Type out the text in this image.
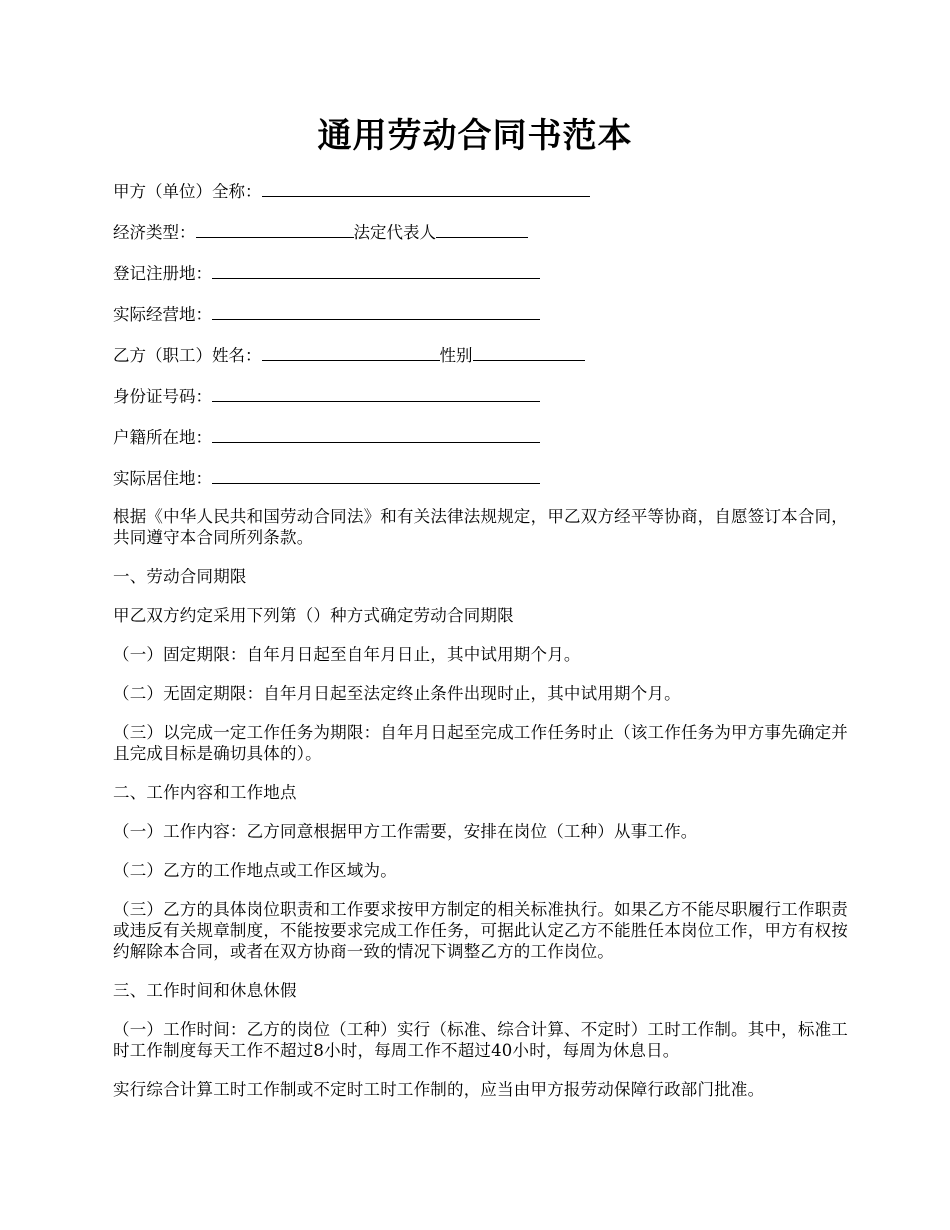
通用劳动合同书范本
甲方（单位）全称：
经济类型：	法定代表人
登记注册地：
实际经营地：
乙方（职工）姓名：	性别
身份证号码：
户籍所在地：
实际居住地：

根据《中华人民共和国劳动合同法》和有关法律法规规定，甲乙双方经平等协商，自愿签订本合同，共同遵守本合同所列条款。

一、劳动合同期限

甲乙双方约定采用下列第（）种方式确定劳动合同期限

（一）固定期限：自年月日起至自年月日止，其中试用期个月。

（二）无固定期限：自年月日起至法定终止条件出现时止，其中试用期个月。

（三）以完成一定工作任务为期限：自年月日起至完成工作任务时止（该工作任务为甲方事先确定并且完成目标是确切具体的）。

二、工作内容和工作地点

（一）工作内容：乙方同意根据甲方工作需要，安排在岗位（工种）从事工作。

（二）乙方的工作地点或工作区域为。

（三）乙方的具体岗位职责和工作要求按甲方制定的相关标准执行。如果乙方不能尽职履行工作职责或违反有关规章制度，不能按要求完成工作任务，可据此认定乙方不能胜任本岗位工作，甲方有权按约解除本合同，或者在双方协商一致的情况下调整乙方的工作岗位。

三、工作时间和休息休假

（一）工作时间：乙方的岗位（工种）实行（标准、综合计算、不定时）工时工作制。其中，标准工时工作制度每天工作不超过8小时，每周工作不超过40小时，每周为休息日。

实行综合计算工时工作制或不定时工时工作制的，应当由甲方报劳动保障行政部门批准。
